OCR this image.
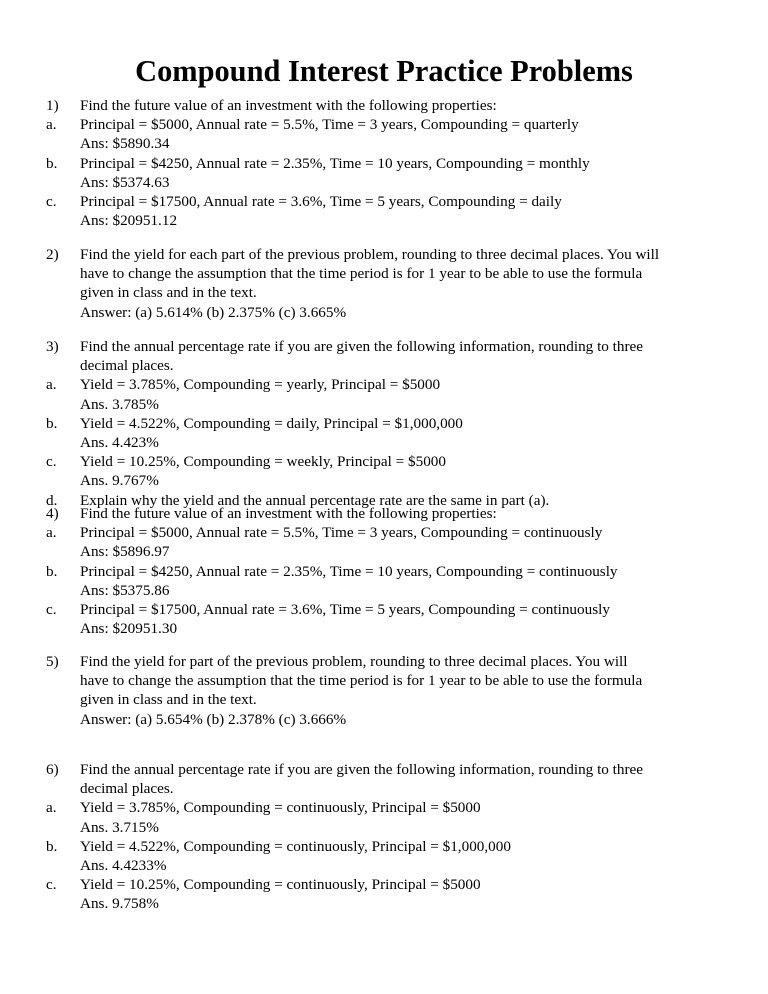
Compound Interest Practice Problems
1)	Find the future value of an investment with the following properties:
a.	Principal = $5000, Annual rate = 5.5%, Time = 3 years, Compounding = quarterly
Ans: $5890.34
b.	Principal = $4250, Annual rate = 2.35%, Time = 10 years, Compounding = monthly
Ans: $5374.63
c.	Principal = $17500, Annual rate = 3.6%, Time = 5 years, Compounding = daily
Ans: $20951.12
2)	Find the yield for each part of the previous problem, rounding to three decimal places. You will
have to change the assumption that the time period is for 1 year to be able to use the formula
given in class and in the text.
Answer: (a) 5.614% (b) 2.375% (c) 3.665%
3)	Find the annual percentage rate if you are given the following information, rounding to three
decimal places.
a.	Yield = 3.785%, Compounding = yearly, Principal = $5000
Ans. 3.785%
b.	Yield = 4.522%, Compounding = daily, Principal = $1,000,000
Ans. 4.423%
c.	Yield = 10.25%, Compounding = weekly, Principal = $5000
Ans. 9.767%
d.	Explain why the yield and the annual percentage rate are the same in part (a).
4)	Find the future value of an investment with the following properties:
a.	Principal = $5000, Annual rate = 5.5%, Time = 3 years, Compounding = continuously
Ans: $5896.97
b.	Principal = $4250, Annual rate = 2.35%, Time = 10 years, Compounding = continuously
Ans: $5375.86
c.	Principal = $17500, Annual rate = 3.6%, Time = 5 years, Compounding = continuously
Ans: $20951.30
5)	Find the yield for part of the previous problem, rounding to three decimal places. You will
have to change the assumption that the time period is for 1 year to be able to use the formula
given in class and in the text.
Answer: (a) 5.654% (b) 2.378% (c) 3.666%
6)	Find the annual percentage rate if you are given the following information, rounding to three
decimal places.
a.	Yield = 3.785%, Compounding = continuously, Principal = $5000
Ans. 3.715%
b.	Yield = 4.522%, Compounding = continuously, Principal = $1,000,000
Ans. 4.4233%
c.	Yield = 10.25%, Compounding = continuously, Principal = $5000
Ans. 9.758%
